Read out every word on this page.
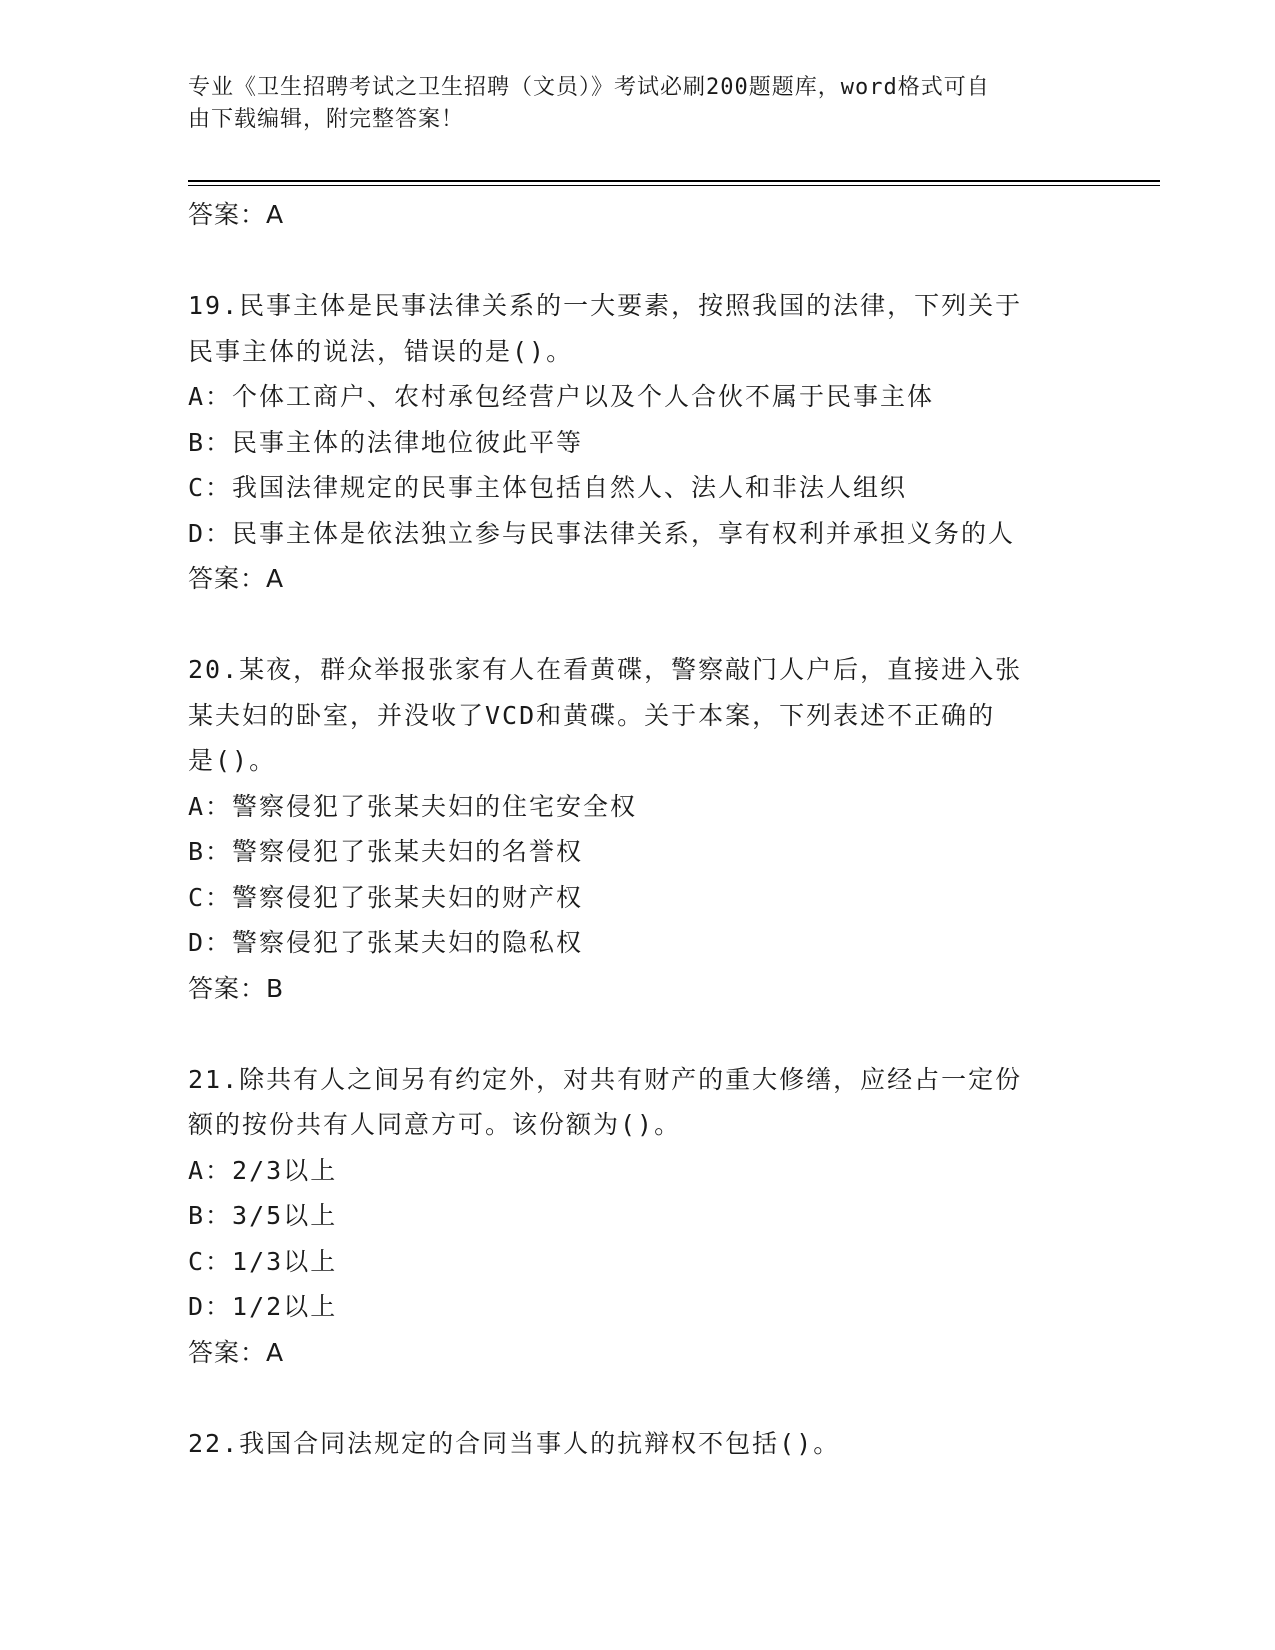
专业《卫生招聘考试之卫生招聘（文员）》考试必刷200题题库，word格式可自
由下载编辑，附完整答案！
答案：A
19.民事主体是民事法律关系的一大要素，按照我国的法律，下列关于
民事主体的说法，错误的是()。
A：个体工商户、农村承包经营户以及个人合伙不属于民事主体
B：民事主体的法律地位彼此平等
C：我国法律规定的民事主体包括自然人、法人和非法人组织
D：民事主体是依法独立参与民事法律关系，享有权利并承担义务的人
答案：A
20.某夜，群众举报张家有人在看黄碟，警察敲门人户后，直接进入张
某夫妇的卧室，并没收了VCD和黄碟。关于本案，下列表述不正确的
是()。
A：警察侵犯了张某夫妇的住宅安全权
B：警察侵犯了张某夫妇的名誉权
C：警察侵犯了张某夫妇的财产权
D：警察侵犯了张某夫妇的隐私权
答案：B
21.除共有人之间另有约定外，对共有财产的重大修缮，应经占一定份
额的按份共有人同意方可。该份额为()。
A：2/3以上
B：3/5以上
C：1/3以上
D：1/2以上
答案：A
22.我国合同法规定的合同当事人的抗辩权不包括()。
